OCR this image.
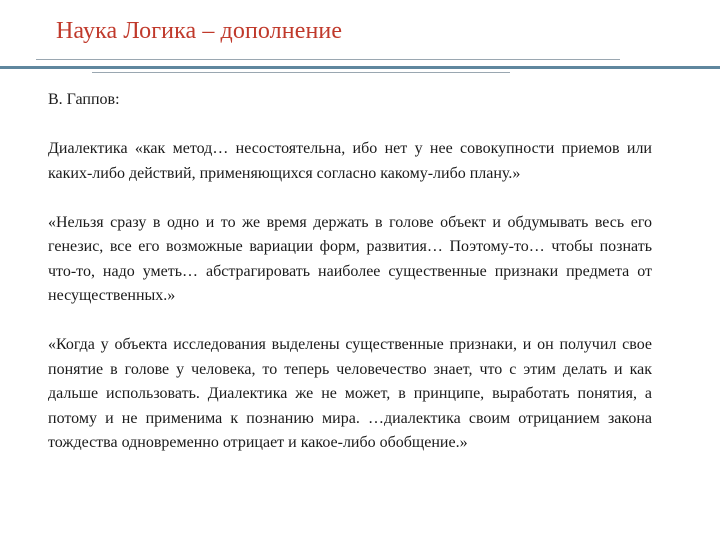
Наука Логика – дополнение

В. Гаппов:

Диалектика «как метод… несостоятельна, ибо нет у нее совокупности приемов или каких-либо действий, применяющихся согласно какому-либо плану.»

«Нельзя сразу в одно и то же время держать в голове объект и обдумывать весь его генезис, все его возможные вариации форм, развития… Поэтому-то… чтобы познать что-то, надо уметь… абстрагировать наиболее существенные признаки предмета от несущественных.»

«Когда у объекта исследования выделены существенные признаки, и он получил свое понятие в голове у человека, то теперь человечество знает, что с этим делать и как дальше использовать. Диалектика же не может, в принципе, выработать понятия, а потому и не применима к познанию мира. …диалектика своим отрицанием закона тождества одновременно отрицает и какое-либо обобщение.»
